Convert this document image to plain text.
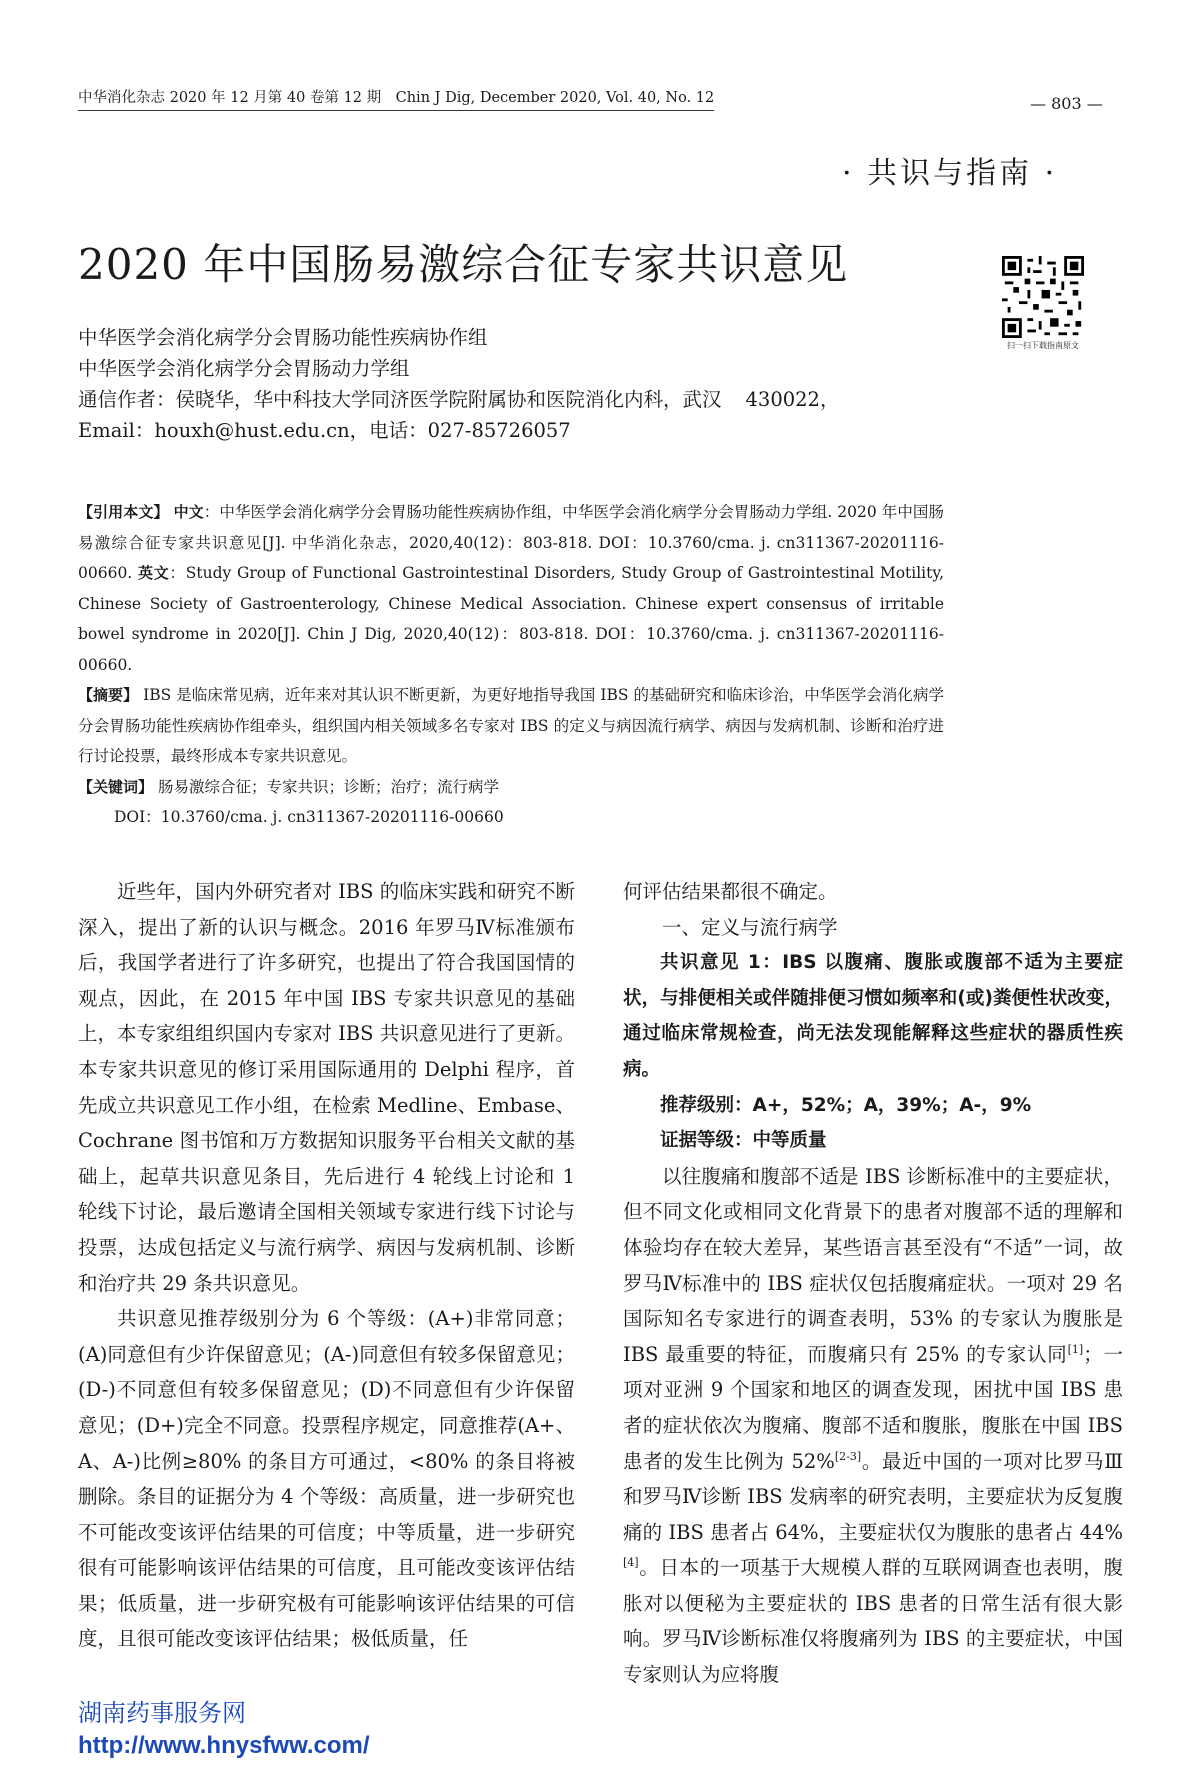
中华消化杂志 2020 年 12 月第 40 卷第 12 期　Chin J Dig, December 2020, Vol. 40, No. 12	— 803 —
· 共识与指南 ·
2020 年中国肠易激综合征专家共识意见
扫一扫下载指南原文
中华医学会消化病学分会胃肠功能性疾病协作组
中华医学会消化病学分会胃肠动力学组
通信作者：侯晓华，华中科技大学同济医学院附属协和医院消化内科，武汉 430022，
Email：houxh@hust.edu.cn，电话：027-85726057

【引用本文】 中文：中华医学会消化病学分会胃肠功能性疾病协作组，中华医学会消化病学分会胃肠动力学组. 2020 年中国肠易激综合征专家共识意见[J]. 中华消化杂志，2020,40(12)：803-818. DOI：10.3760/cma. j. cn311367-20201116-00660. 英文：Study Group of Functional Gastrointestinal Disorders, Study Group of Gastrointestinal Motility, Chinese Society of Gastroenterology, Chinese Medical Association. Chinese expert consensus of irritable bowel syndrome in 2020[J]. Chin J Dig, 2020,40(12)：803-818. DOI：10.3760/cma. j. cn311367-20201116-00660.

【摘要】 IBS 是临床常见病，近年来对其认识不断更新，为更好地指导我国 IBS 的基础研究和临床诊治，中华医学会消化病学分会胃肠功能性疾病协作组牵头，组织国内相关领域多名专家对 IBS 的定义与病因流行病学、病因与发病机制、诊断和治疗进行讨论投票，最终形成本专家共识意见。

【关键词】 肠易激综合征；专家共识；诊断；治疗；流行病学

DOI：10.3760/cma. j. cn311367-20201116-00660

近些年，国内外研究者对 IBS 的临床实践和研究不断深入，提出了新的认识与概念。2016 年罗马Ⅳ标准颁布后，我国学者进行了许多研究，也提出了符合我国国情的观点，因此，在 2015 年中国 IBS 专家共识意见的基础上，本专家组组织国内专家对 IBS 共识意见进行了更新。本专家共识意见的修订采用国际通用的 Delphi 程序，首先成立共识意见工作小组，在检索 Medline、Embase、Cochrane 图书馆和万方数据知识服务平台相关文献的基础上，起草共识意见条目，先后进行 4 轮线上讨论和 1 轮线下讨论，最后邀请全国相关领域专家进行线下讨论与投票，达成包括定义与流行病学、病因与发病机制、诊断和治疗共 29 条共识意见。

共识意见推荐级别分为 6 个等级：(A+)非常同意；(A)同意但有少许保留意见；(A-)同意但有较多保留意见；(D-)不同意但有较多保留意见；(D)不同意但有少许保留意见；(D+)完全不同意。投票程序规定，同意推荐(A+、A、A-)比例≥80% 的条目方可通过，<80% 的条目将被删除。条目的证据分为 4 个等级：高质量，进一步研究也不可能改变该评估结果的可信度；中等质量，进一步研究很有可能影响该评估结果的可信度，且可能改变该评估结果；低质量，进一步研究极有可能影响该评估结果的可信度，且很可能改变该评估结果；极低质量，任

何评估结果都很不确定。

一、定义与流行病学

共识意见 1：IBS 以腹痛、腹胀或腹部不适为主要症状，与排便相关或伴随排便习惯如频率和(或)粪便性状改变，通过临床常规检查，尚无法发现能解释这些症状的器质性疾病。

推荐级别：A+，52%；A，39%；A-，9%

证据等级：中等质量

以往腹痛和腹部不适是 IBS 诊断标准中的主要症状，但不同文化或相同文化背景下的患者对腹部不适的理解和体验均存在较大差异，某些语言甚至没有“不适”一词，故罗马Ⅳ标准中的 IBS 症状仅包括腹痛症状。一项对 29 名国际知名专家进行的调查表明，53% 的专家认为腹胀是 IBS 最重要的特征，而腹痛只有 25% 的专家认同[1]；一项对亚洲 9 个国家和地区的调查发现，困扰中国 IBS 患者的症状依次为腹痛、腹部不适和腹胀，腹胀在中国 IBS 患者的发生比例为 52%[2-3]。最近中国的一项对比罗马Ⅲ和罗马Ⅳ诊断 IBS 发病率的研究表明，主要症状为反复腹痛的 IBS 患者占 64%，主要症状仅为腹胀的患者占 44%[4]。日本的一项基于大规模人群的互联网调查也表明，腹胀对以便秘为主要症状的 IBS 患者的日常生活有很大影响。罗马Ⅳ诊断标准仅将腹痛列为 IBS 的主要症状，中国专家则认为应将腹

湖南药事服务网
http://www.hnysfww.com/
